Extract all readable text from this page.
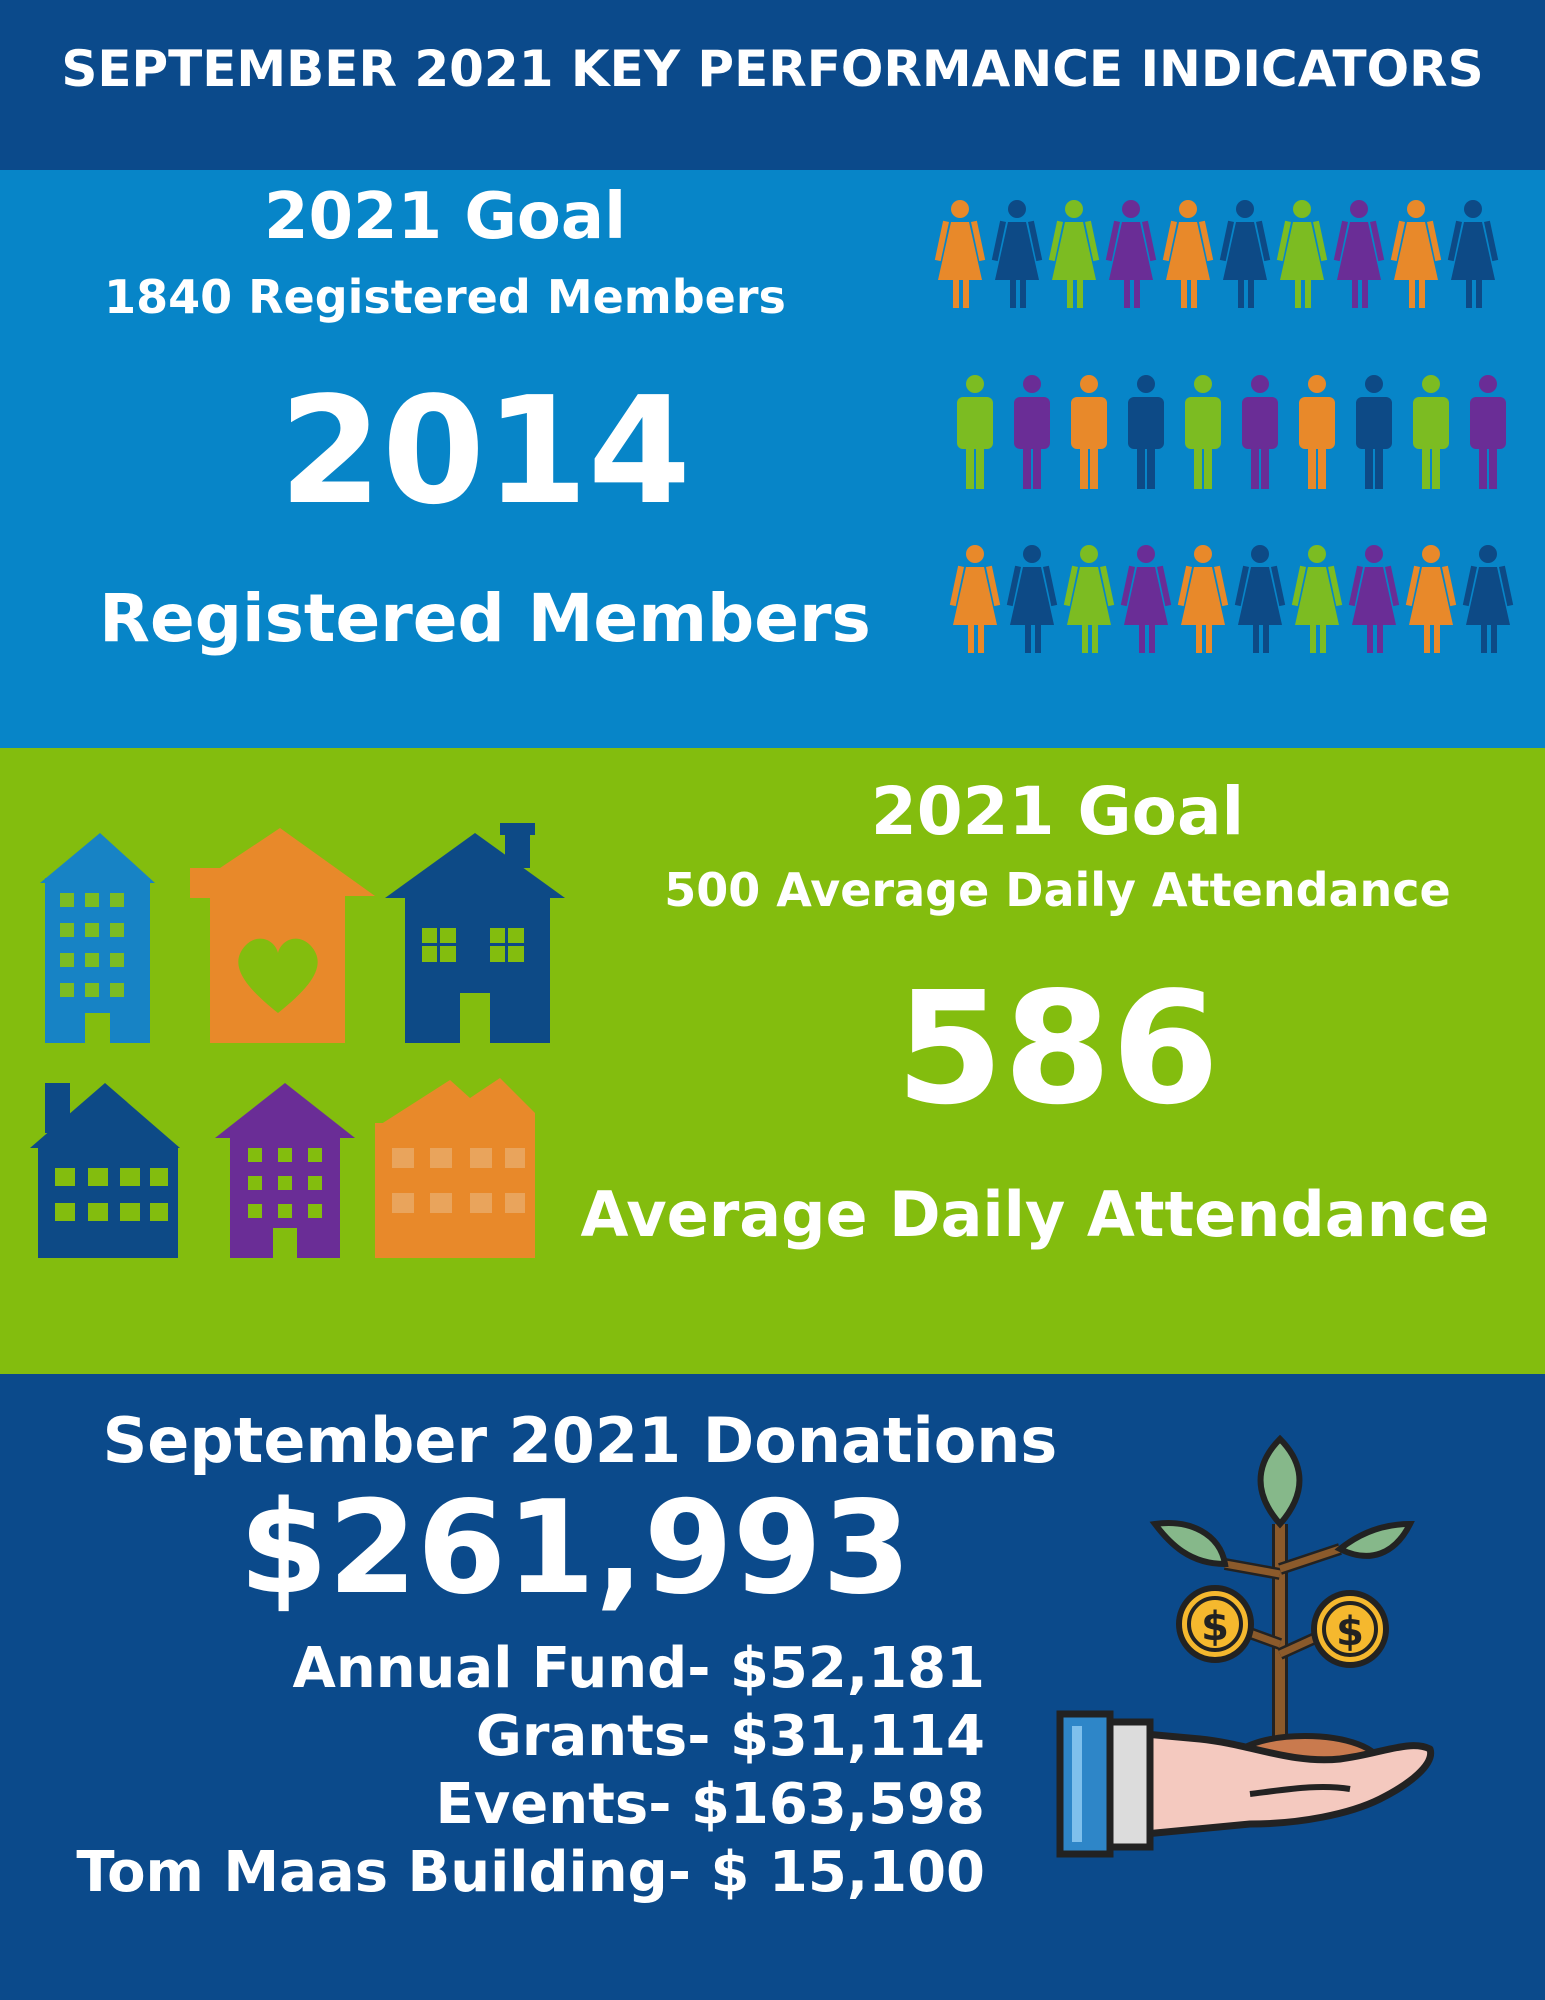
SEPTEMBER 2021 KEY PERFORMANCE INDICATORS
2021 Goal
1840 Registered Members
2014
Registered Members
2021 Goal
500 Average Daily Attendance
586
Average Daily Attendance
September 2021 Donations
$261,993
Annual Fund- $52,181
Grants- $31,114
Events- $163,598
Tom Maas Building- $ 15,100
$	$
